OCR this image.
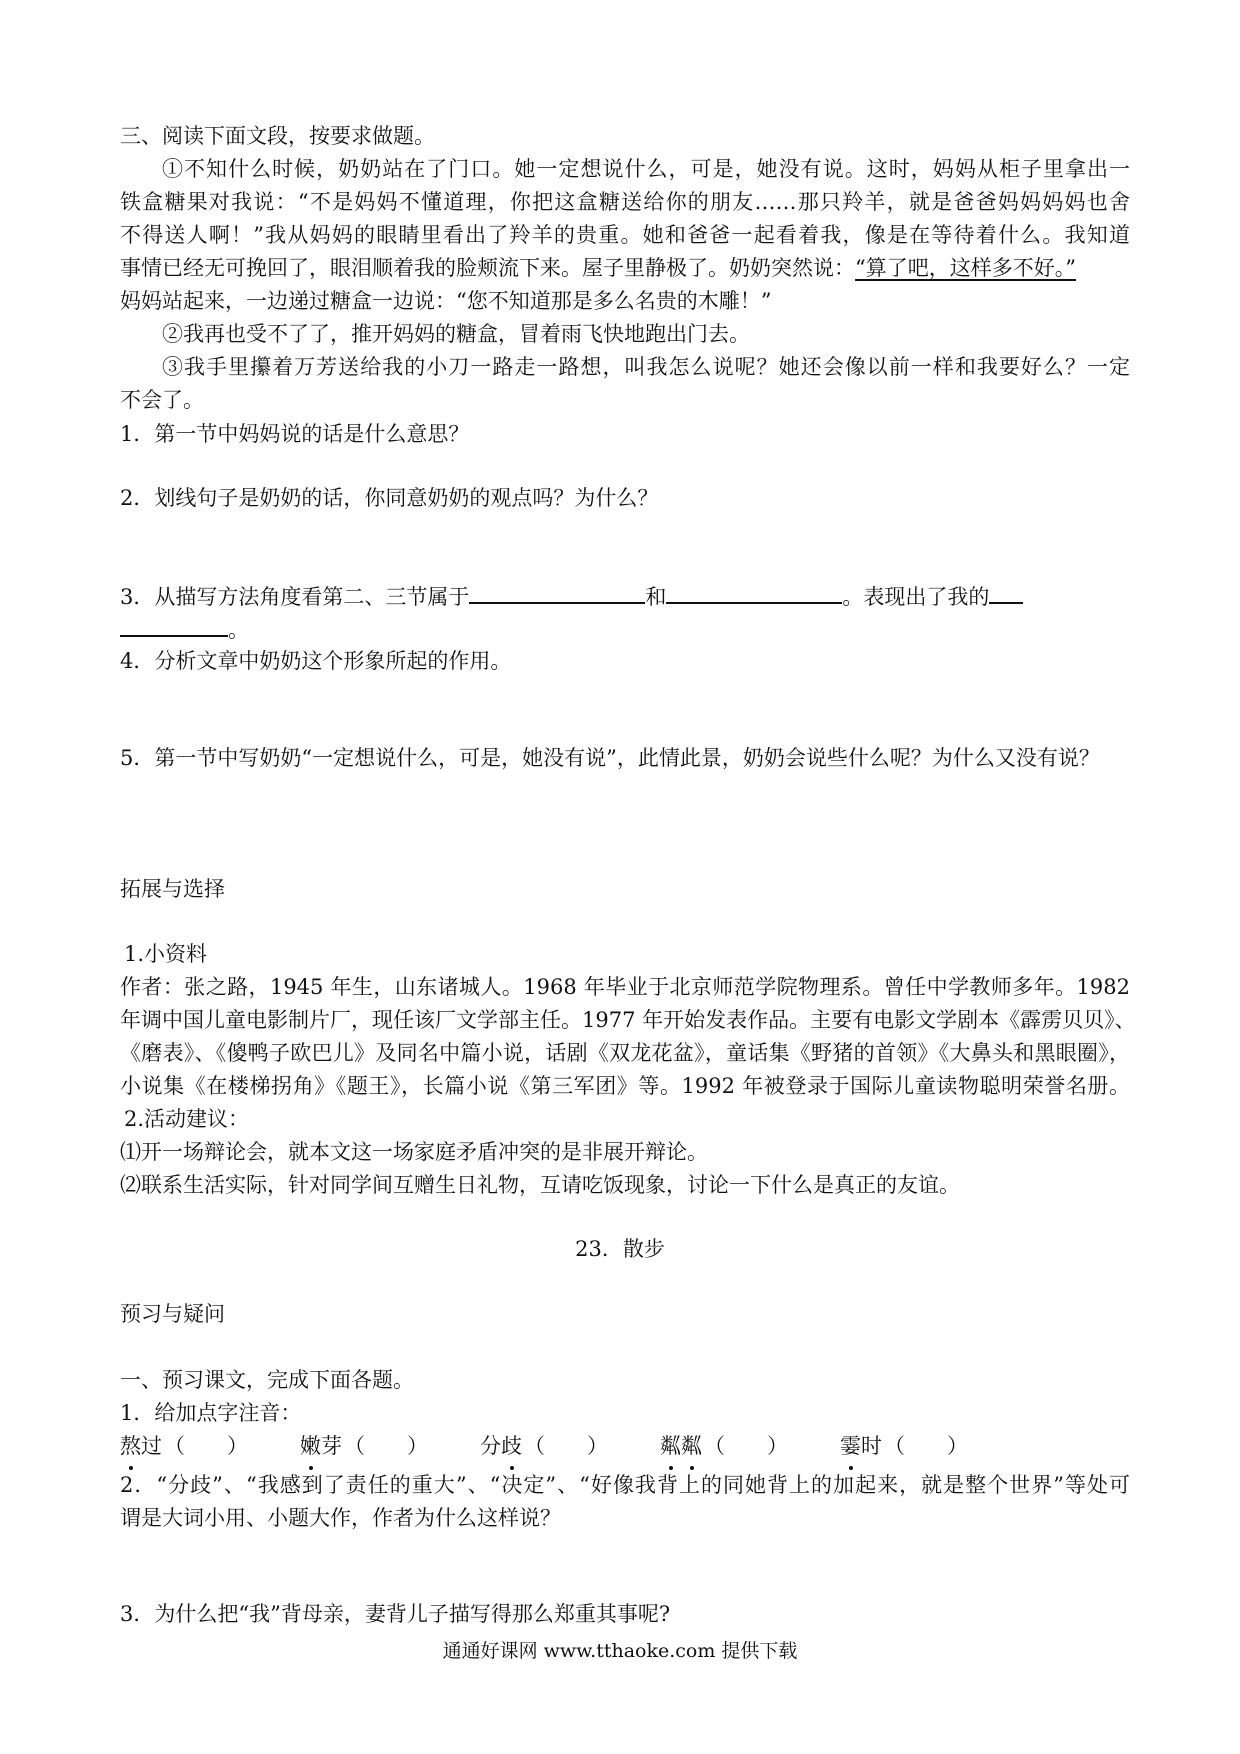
三、阅读下面文段，按要求做题。
①不知什么时候，奶奶站在了门口。她一定想说什么，可是，她没有说。这时，妈妈从柜子里拿出一
铁盒糖果对我说：“不是妈妈不懂道理，你把这盒糖送给你的朋友……那只羚羊，就是爸爸妈妈妈妈也舍
不得送人啊！”我从妈妈的眼睛里看出了羚羊的贵重。她和爸爸一起看着我，像是在等待着什么。我知道
事情已经无可挽回了，眼泪顺着我的脸颊流下来。屋子里静极了。奶奶突然说：“算了吧，这样多不好。”
妈妈站起来，一边递过糖盒一边说：“您不知道那是多么名贵的木雕！”
②我再也受不了了，推开妈妈的糖盒，冒着雨飞快地跑出门去。
③我手里攥着万芳送给我的小刀一路走一路想，叫我怎么说呢？她还会像以前一样和我要好么？一定
不会了。
1．第一节中妈妈说的话是什么意思？
2．划线句子是奶奶的话，你同意奶奶的观点吗？为什么？
3．从描写方法角度看第二、三节属于	和	。表现出了我的
。
4．分析文章中奶奶这个形象所起的作用。
5．第一节中写奶奶“一定想说什么，可是，她没有说”，此情此景，奶奶会说些什么呢？为什么又没有说？
拓展与选择
1.小资料
作者：张之路，1945 年生，山东诸城人。1968 年毕业于北京师范学院物理系。曾任中学教师多年。1982
年调中国儿童电影制片厂，现任该厂文学部主任。1977 年开始发表作品。主要有电影文学剧本《霹雳贝贝》、
《磨表》、《傻鸭子欧巴儿》及同名中篇小说，话剧《双龙花盆》，童话集《野猪的首领》《大鼻头和黑眼圈》，
小说集《在楼梯拐角》《题王》，长篇小说《第三军团》等。1992 年被登录于国际儿童读物聪明荣誉名册。
2.活动建议：
⑴开一场辩论会，就本文这一场家庭矛盾冲突的是非展开辩论。
⑵联系生活实际，针对同学间互赠生日礼物，互请吃饭现象，讨论一下什么是真正的友谊。
23．散步
预习与疑问
一、预习课文，完成下面各题。
1．给加点字注音：
熬 过 （　　） 嫩 芽 （　　） 分 歧 （　　） 粼 粼 （　　） 霎 时 （　　）
2．“分歧”、“我感到了责任的重大”、“决定”、“好像我背上的同她背上的加起来，就是整个世界”等处可
谓是大词小用、小题大作，作者为什么这样说？
3．为什么把“我”背母亲，妻背儿子描写得那么郑重其事呢?
通通好课网 www.tthaoke.com 提供下载
